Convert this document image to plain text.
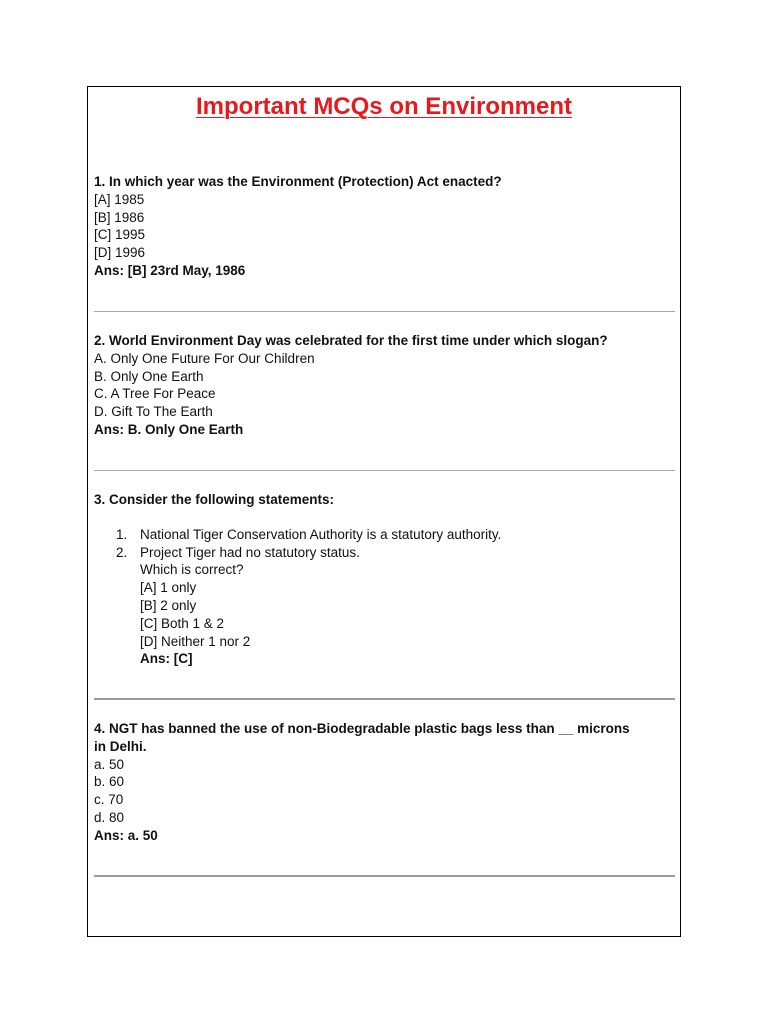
Important MCQs on Environment
1. In which year was the Environment (Protection) Act enacted?
[A] 1985
[B] 1986
[C] 1995
[D] 1996
Ans: [B] 23rd May, 1986
2. World Environment Day was celebrated for the first time under which slogan?
A. Only One Future For Our Children
B. Only One Earth
C. A Tree For Peace
D. Gift To The Earth
Ans: B. Only One Earth
3. Consider the following statements:
1. National Tiger Conservation Authority is a statutory authority.
2. Project Tiger had no statutory status.
Which is correct?
[A] 1 only
[B] 2 only
[C] Both 1 & 2
[D] Neither 1 nor 2
Ans: [C]
4. NGT has banned the use of non-Biodegradable plastic bags less than __ microns in Delhi.
a. 50
b. 60
c. 70
d. 80
Ans: a. 50
